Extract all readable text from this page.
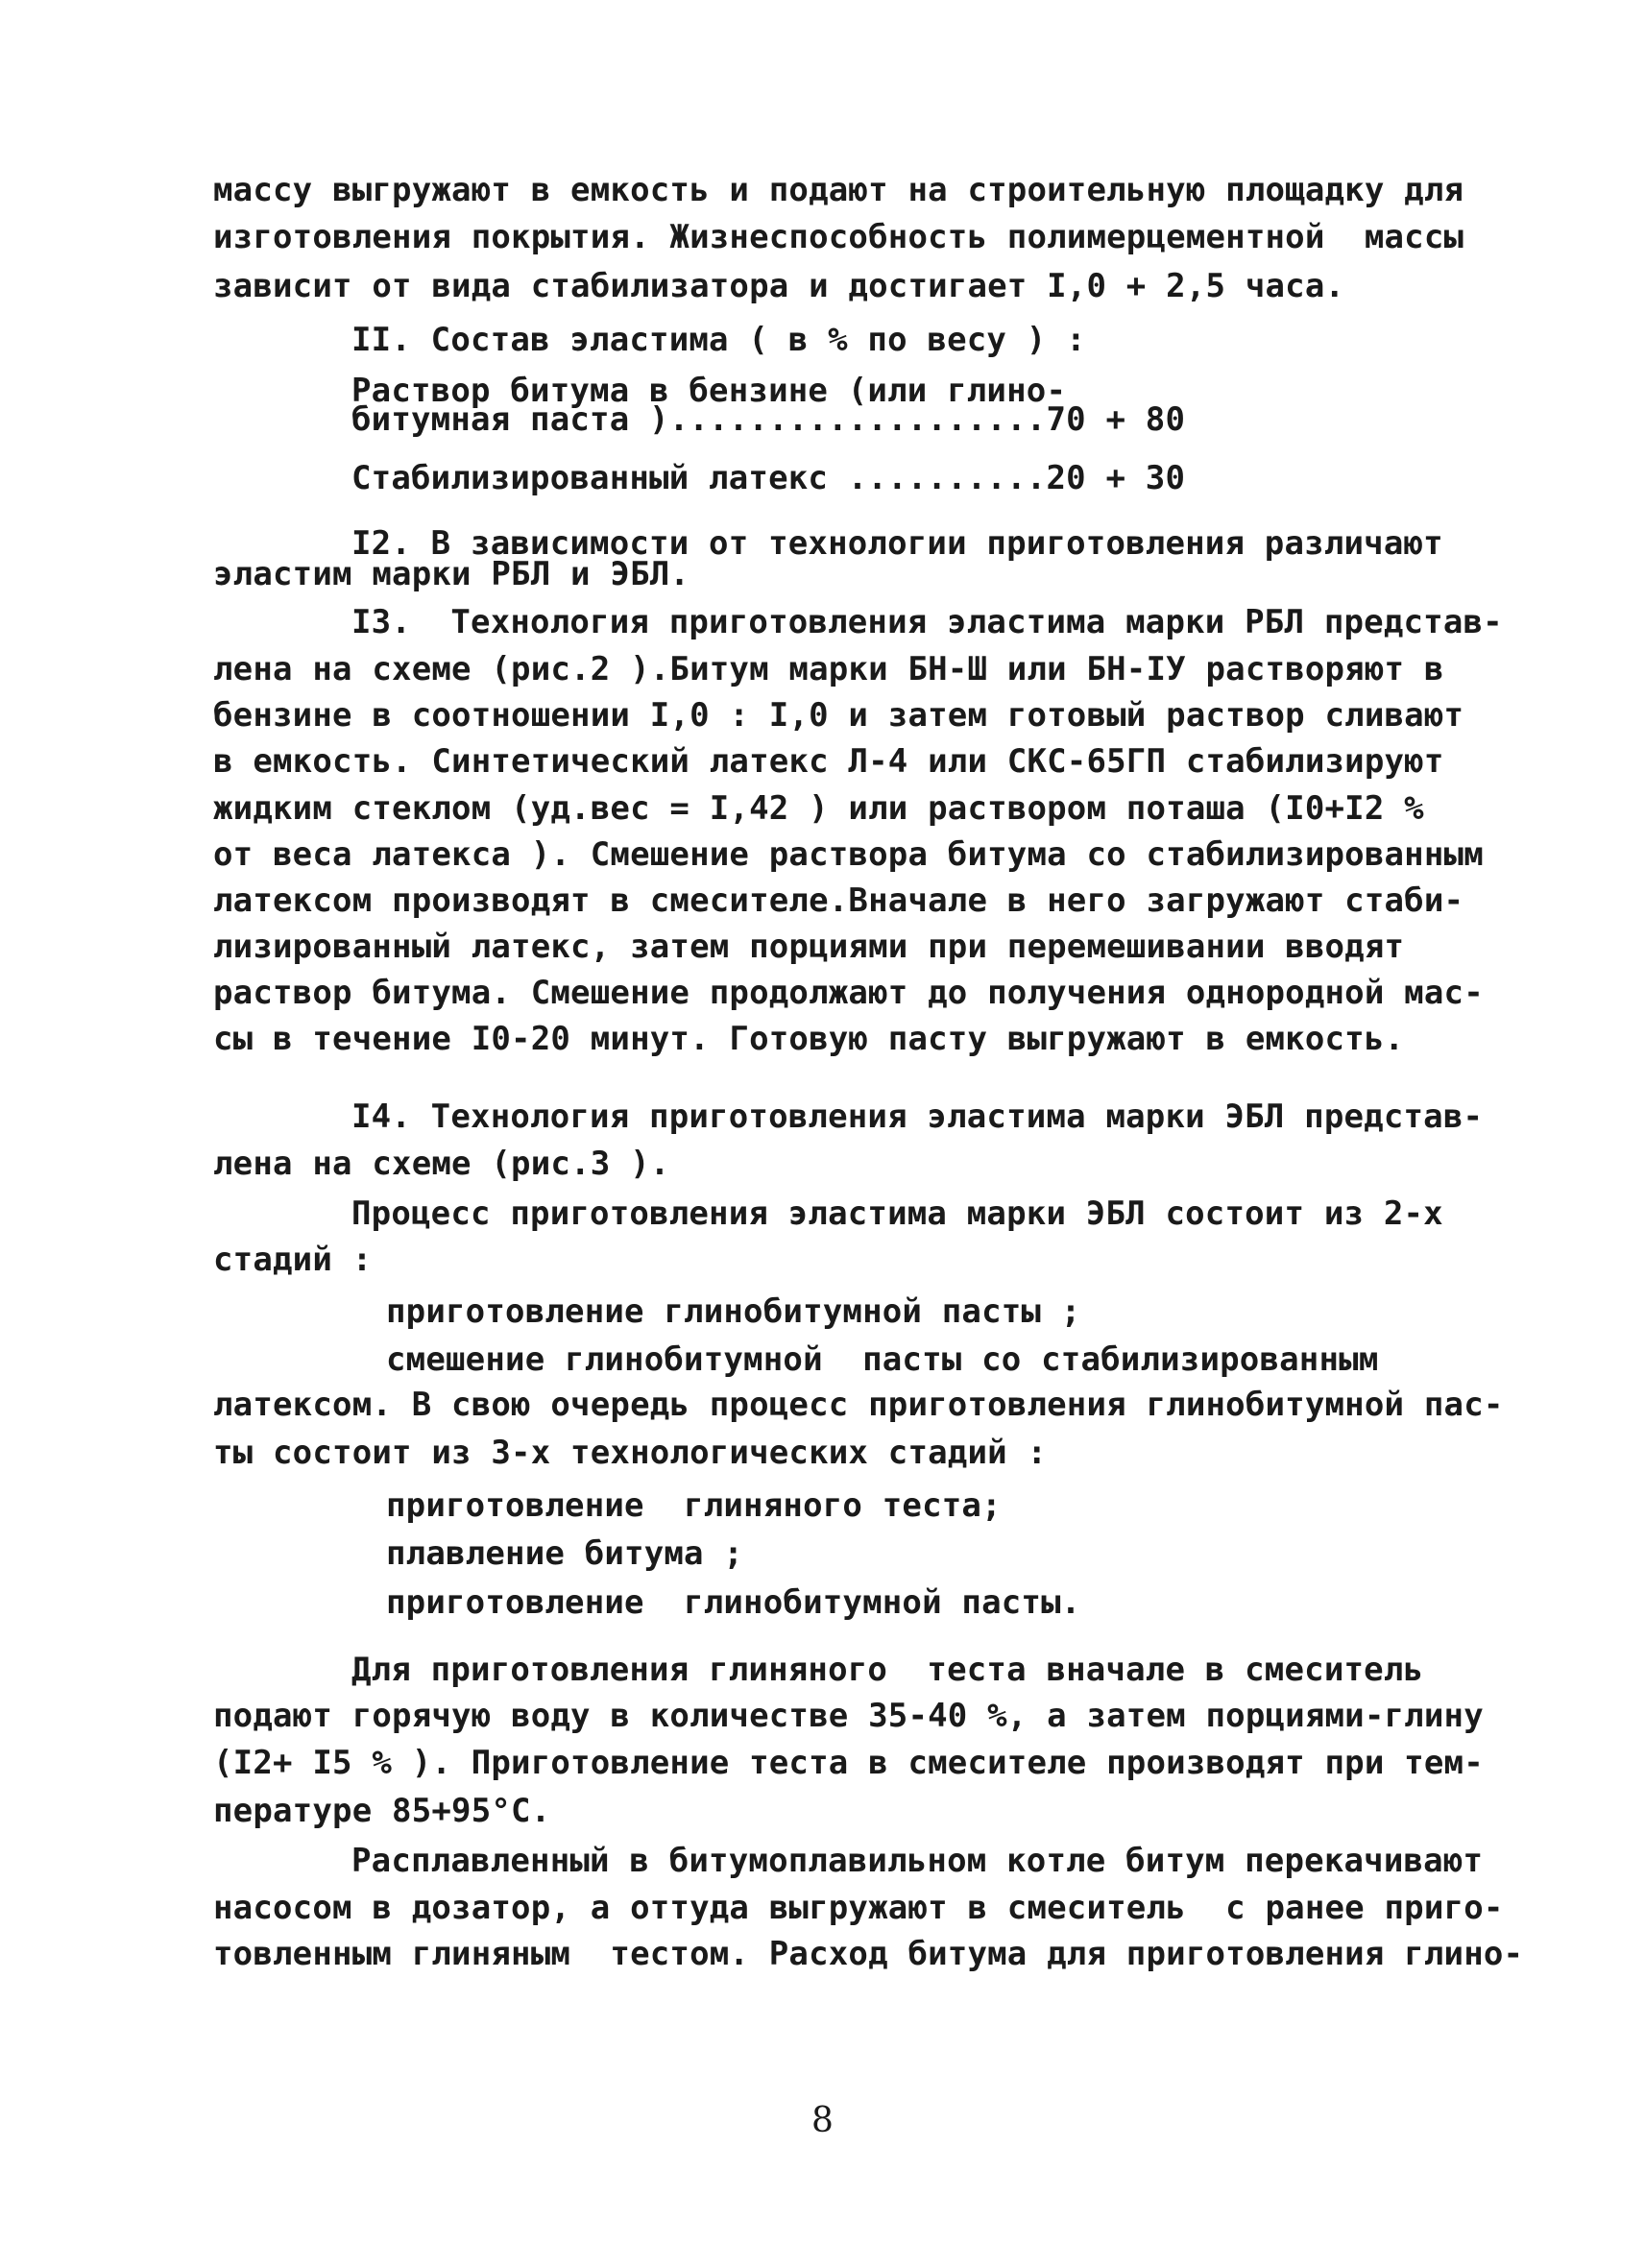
массу выгружают в емкость и подают на строительную площадку для
изготовления покрытия. Жизнеспособность полимерцементной  массы
зависит от вида стабилизатора и достигает I,0 + 2,5 часа.
II. Состав эластима ( в % по весу ) :
Раствор битума в бензине (или глино-
битумная паста )...................70 + 80
Стабилизированный латекс ..........20 + 30
I2. В зависимости от технологии приготовления различают
эластим марки РБЛ и ЭБЛ.
I3.  Технология приготовления эластима марки РБЛ представ-
лена на схеме (рис.2 ).Битум марки БН-Ш или БН-IУ растворяют в
бензине в соотношении I,0 : I,0 и затем готовый раствор сливают
в емкость. Синтетический латекс Л-4 или СКС-65ГП стабилизируют
жидким стеклом (уд.вес = I,42 ) или раствором поташа (I0+I2 %
от веса латекса ). Смешение раствора битума со стабилизированным
латексом производят в смесителе.Вначале в него загружают стаби-
лизированный латекс, затем порциями при перемешивании вводят
раствор битума. Смешение продолжают до получения однородной мас-
сы в течение I0-20 минут. Готовую пасту выгружают в емкость.
I4. Технология приготовления эластима марки ЭБЛ представ-
лена на схеме (рис.3 ).
Процесс приготовления эластима марки ЭБЛ состоит из 2-х
стадий :
приготовление глинобитумной пасты ;
смешение глинобитумной  пасты со стабилизированным
латексом. В свою очередь процесс приготовления глинобитумной пас-
ты состоит из 3-х технологических стадий :
приготовление  глиняного теста;
плавление битума ;
приготовление  глинобитумной пасты.
Для приготовления глиняного  теста вначале в смеситель
подают горячую воду в количестве 35-40 %, а затем порциями-глину
(I2+ I5 % ). Приготовление теста в смесителе производят при тем-
пературе 85+95°С.
Расплавленный в битумоплавильном котле битум перекачивают
насосом в дозатор, а оттуда выгружают в смеситель  с ранее приго-
товленным глиняным  тестом. Расход битума для приготовления глино-
8
